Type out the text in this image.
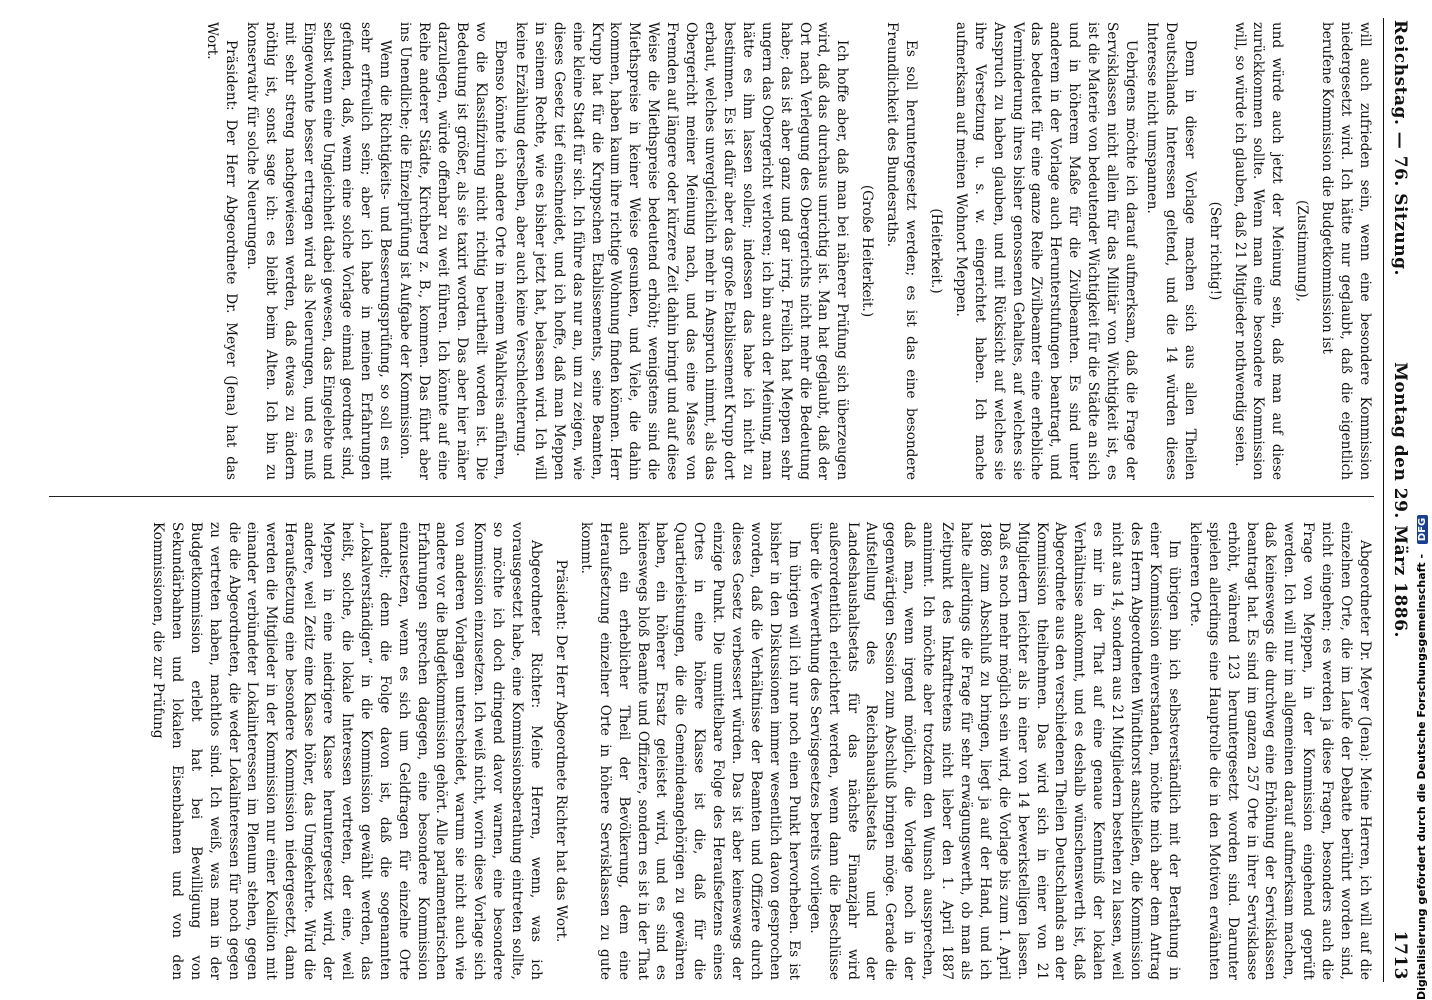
Reichstag. — 76. Sitzung.
Montag den 29. März 1886.
1713

will auch zufrieden sein, wenn eine besondere Kommission niedergesetzt wird. Ich hätte nur geglaubt, daß die eigentlich berufene Kommission die Budgetkommission ist

(Zustimmung),

und würde auch jetzt der Meinung sein, daß man auf diese zurückkommen sollte. Wenn man eine besondere Kommission will, so würde ich glauben, daß 21 Mitglieder nothwendig seien.

(Sehr richtig!)

Denn in dieser Vorlage machen sich aus allen Theilen Deutschlands Interessen geltend, und die 14 würden dieses Interesse nicht umspannen.

Uebrigens möchte ich darauf aufmerksam, daß die Frage der Servisklassen nicht allein für das Militär von Wichtigkeit ist, es ist die Materie von bedeutender Wichtigkeit für die Städte an sich und in höherem Maße für die Zivilbeamten. Es sind unter anderem in der Vorlage auch Herunterstufungen beantragt, und das bedeutet für eine ganze Reihe Zivilbeamter eine erhebliche Verminderung ihres bisher genossenen Gehaltes, auf welches sie Anspruch zu haben glauben, und mit Rücksicht auf welches sie ihre Versetzung u. s. w. eingerichtet haben. Ich mache aufmerksam auf meinen Wohnort Meppen.

(Heiterkeit.)

Es soll heruntergesetzt werden; es ist das eine besondere Freundlichkeit des Bundesraths.

(Große Heiterkeit.)

Ich hoffe aber, daß man bei näherer Prüfung sich überzeugen wird, daß das durchaus unrichtig ist. Man hat geglaubt, daß der Ort nach Verlegung des Obergerichts nicht mehr die Bedeutung habe; das ist aber ganz und gar irrig. Freilich hat Meppen sehr ungern das Obergericht verloren; ich bin auch der Meinung, man hätte es ihm lassen sollen; indessen das habe ich nicht zu bestimmen. Es ist dafür aber das große Etablissement Krupp dort erbaut, welches unvergleichlich mehr in Anspruch nimmt, als das Obergericht meiner Meinung nach, und das eine Masse von Fremden auf längere oder kürzere Zeit dahin bringt und auf diese Weise die Miethspreise bedeutend erhöht; wenigstens sind die Miethspreise in keiner Weise gesunken, und Viele, die dahin kommen, haben kaum ihre richtige Wohnung finden können. Herr Krupp hat für die Kruppschen Etablissements, seine Beamten, eine kleine Stadt für sich. Ich führe das nur an, um zu zeigen, wie dieses Gesetz tief einschneidet, und ich hoffe, daß man Meppen in seinem Rechte, wie es bisher jetzt hat, belassen wird. Ich will keine Erzählung derselben, aber auch keine Verschlechterung.

Ebenso könnte ich andere Orte in meinem Wahlkreis anführen, wo die Klassifizirung nicht richtig beurtheilt worden ist. Die Bedeutung ist größer, als sie taxirt worden. Das aber hier näher darzulegen, würde offenbar zu weit führen. Ich könnte auf eine Reihe anderer Städte, Kirchberg z. B., kommen. Das führt aber ins Unendliche; die Einzelprüfung ist Aufgabe der Kommission.

Wenn die Richtigkeits- und Besserungsprüfung, so soll es mit sehr erfreulich sein; aber ich habe in meinen Erfahrungen gefunden, daß, wenn eine solche Vorlage einmal geordnet sind, selbst wenn eine Ungleichheit dabei gewesen, das Eingelebte und Eingewohnte besser ertragen wird als Neuerungen, und es muß mit sehr streng nachgewiesen werden, daß etwas zu ändern nöthig ist, sonst sage ich: es bleibt beim Alten. Ich bin zu konservativ für solche Neuerungen.

Präsident: Der Herr Abgeordnete Dr. Meyer (Jena) hat das Wort.

Abgeordneter Dr. Meyer (Jena): Meine Herren, ich will auf die einzelnen Orte, die im Laufe der Debatte berührt worden sind, nicht eingehen; es werden ja diese Fragen, besonders auch die Frage von Meppen, in der Kommission eingehend geprüft werden. Ich will nur im allgemeinen darauf aufmerksam machen, daß keineswegs die durchweg eine Erhöhung der Servisklassen beantragt hat. Es sind im ganzen 257 Orte in ihrer Servisklasse erhöht, während 123 heruntergesetzt worden sind. Darunter spielen allerdings eine Hauptrolle die in den Motiven erwähnten kleineren Orte.

Im übrigen bin ich selbstverständlich mit der Berathung in einer Kommission einverstanden, möchte mich aber dem Antrag des Herrn Abgeordneten Windthorst anschließen, die Kommission nicht aus 14, sondern aus 21 Mitgliedern bestehen zu lassen, weil es mir in der That auf eine genaue Kenntniß der lokalen Verhältnisse ankommt, und es deshalb wünschenswerth ist, daß Abgeordnete aus den verschiedenen Theilen Deutschlands an der Kommission theilnehmen. Das wird sich in einer von 21 Mitgliedern leichter als in einer von 14 bewerkstelligen lassen. Daß es noch mehr möglich sein wird, die Vorlage bis zum 1. April 1886 zum Abschluß zu bringen, liegt ja auf der Hand, und ich halte allerdings die Frage für sehr erwägungswerth, ob man als Zeitpunkt des Inkrafttretens nicht lieber den 1. April 1887 annimmt. Ich möchte aber trotzdem den Wunsch aussprechen, daß man, wenn irgend möglich, die Vorlage noch in der gegenwärtigen Session zum Abschluß bringen möge. Gerade die Aufstellung des Reichshaushaltsetats und der Landeshaushaltsetats für das nächste Finanzjahr wird außerordentlich erleichtert werden, wenn dann die Beschlüsse über die Verwerthung des Servisgesetzes bereits vorliegen.

Im übrigen will ich nur noch einen Punkt hervorheben. Es ist bisher in den Diskussionen immer wesentlich davon gesprochen worden, daß die Verhältnisse der Beamten und Offiziere durch dieses Gesetz verbessert würden. Das ist aber keineswegs der einzige Punkt. Die unmittelbare Folge des Heraufsetzens eines Ortes in eine höhere Klasse ist die, daß für die Quartierleistungen, die die Gemeindeangehörigen zu gewähren haben, ein höherer Ersatz geleistet wird, und es sind es keineswegs bloß Beamte und Offiziere, sondern es ist in der That auch ein erheblicher Theil der Bevölkerung, dem eine Heraufsetzung einzelner Orte in höhere Servisklassen zu gute kommt.

Präsident: Der Herr Abgeordnete Richter hat das Wort.

Abgeordneter Richter: Meine Herren, wenn, was ich vorausgesetzt habe, eine Kommissionsberathung eintreten sollte, so möchte ich doch dringend davor warnen, eine besondere Kommission einzusetzen. Ich weiß nicht, worin diese Vorlage sich von anderen Vorlagen unterscheidet, warum sie nicht auch wie andere vor die Budgetkommission gehört. Alle parlamentarischen Erfahrungen sprechen dagegen, eine besondere Kommission einzusetzen, wenn es sich um Geldfragen für einzelne Orte handelt; denn die Folge davon ist, daß die sogenannten „Lokalverständigen“ in die Kommission gewählt werden, das heißt, solche, die lokale Interessen vertreten, der eine, weil Meppen in eine niedrigere Klasse heruntergesetzt wird, der andere, weil Zeitz eine Klasse höher, das Umgekehrte. Wird die Heraufsetzung eine besondere Kommission niedergesetzt, dann werden die Mitglieder in der Kommission nur einer Koalition mit einander verbündeter Lokalinteressen im Plenum stehen, gegen die die Abgeordneten, die weder Lokalinteressen für noch gegen zu vertreten haben, machtlos sind. Ich weiß, was man in der Budgetkommission erlebt hat bei Bewilligung von Sekundärbahnen und lokalen Eisenbahnen und von den Kommissionen, die zur Prüfung	Digitalisierung gefördert durch die Deutsche Forschungsgemeinschaft - DFG
